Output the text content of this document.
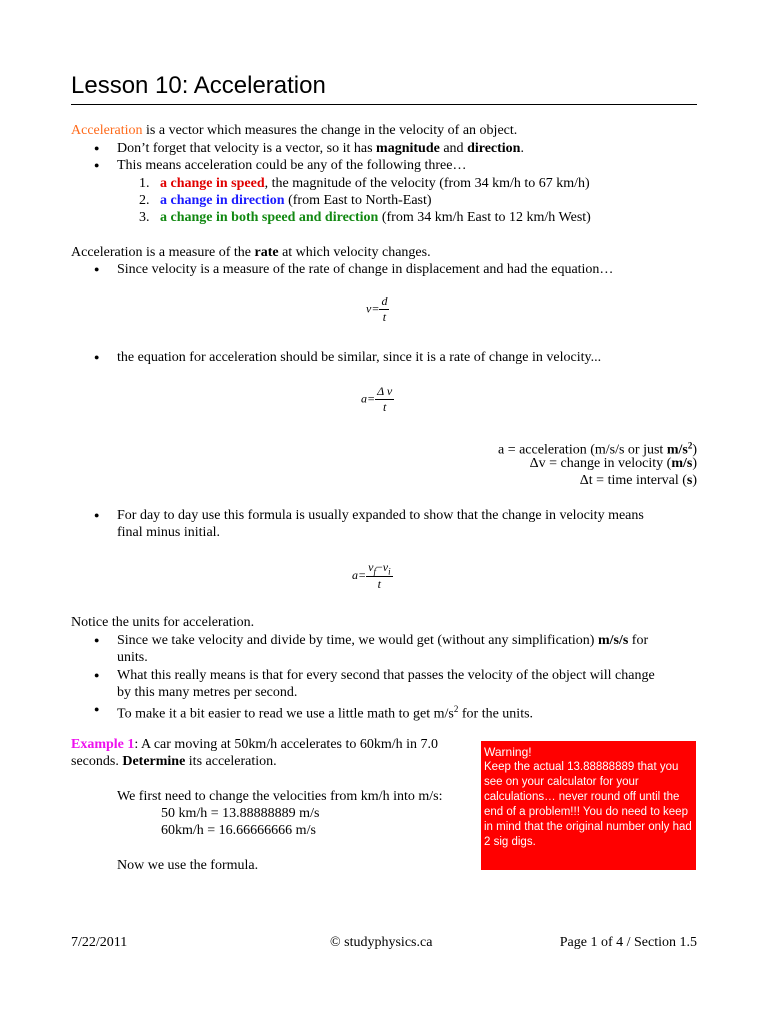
Lesson 10: Acceleration
Acceleration is a vector which measures the change in the velocity of an object.
● Don’t forget that velocity is a vector, so it has magnitude and direction.
● This means acceleration could be any of the following three…
1. a change in speed, the magnitude of the velocity (from 34 km/h to 67 km/h)
2. a change in direction (from East to North-East)
3. a change in both speed and direction (from 34 km/h East to 12 km/h West)
Acceleration is a measure of the rate at which velocity changes.
● Since velocity is a measure of the rate of change in displacement and had the equation…
$v= \frac{d}{t}$
● the equation for acceleration should be similar, since it is a rate of change in velocity...
$a= \frac{\text{Δ v}}{t}$
a = acceleration (m/s/s or just $m/s^2$)
Δv = change in velocity (m/s)
Δt = time interval (s)
● For day to day use this formula is usually expanded to show that the change in velocity means
final minus initial.
$a= \frac{v_f-v_i}{t}$
Notice the units for acceleration.
● Since we take velocity and divide by time, we would get (without any simplification) m/s/s for
units.
● What this really means is that for every second that passes the velocity of the object will change
by this many metres per second.
● To make it a bit easier to read we use a little math to get $m/s^2$ for the units.
Example 1: A car moving at 50km/h accelerates to 60km/h in 7.0
seconds. Determine its acceleration.
We first need to change the velocities from km/h into m/s:
50 km/h = 13.88888889 m/s
60km/h = 16.66666666 m/s
Now we use the formula.
Warning!
Keep the actual 13.88888889 that you see on your calculator for your calculations… never round off until the end of a problem!!! You do need to keep in mind that the original number only had 2 sig digs.
7/22/2011	© studyphysics.ca	Page 1 of 4 / Section 1.5
